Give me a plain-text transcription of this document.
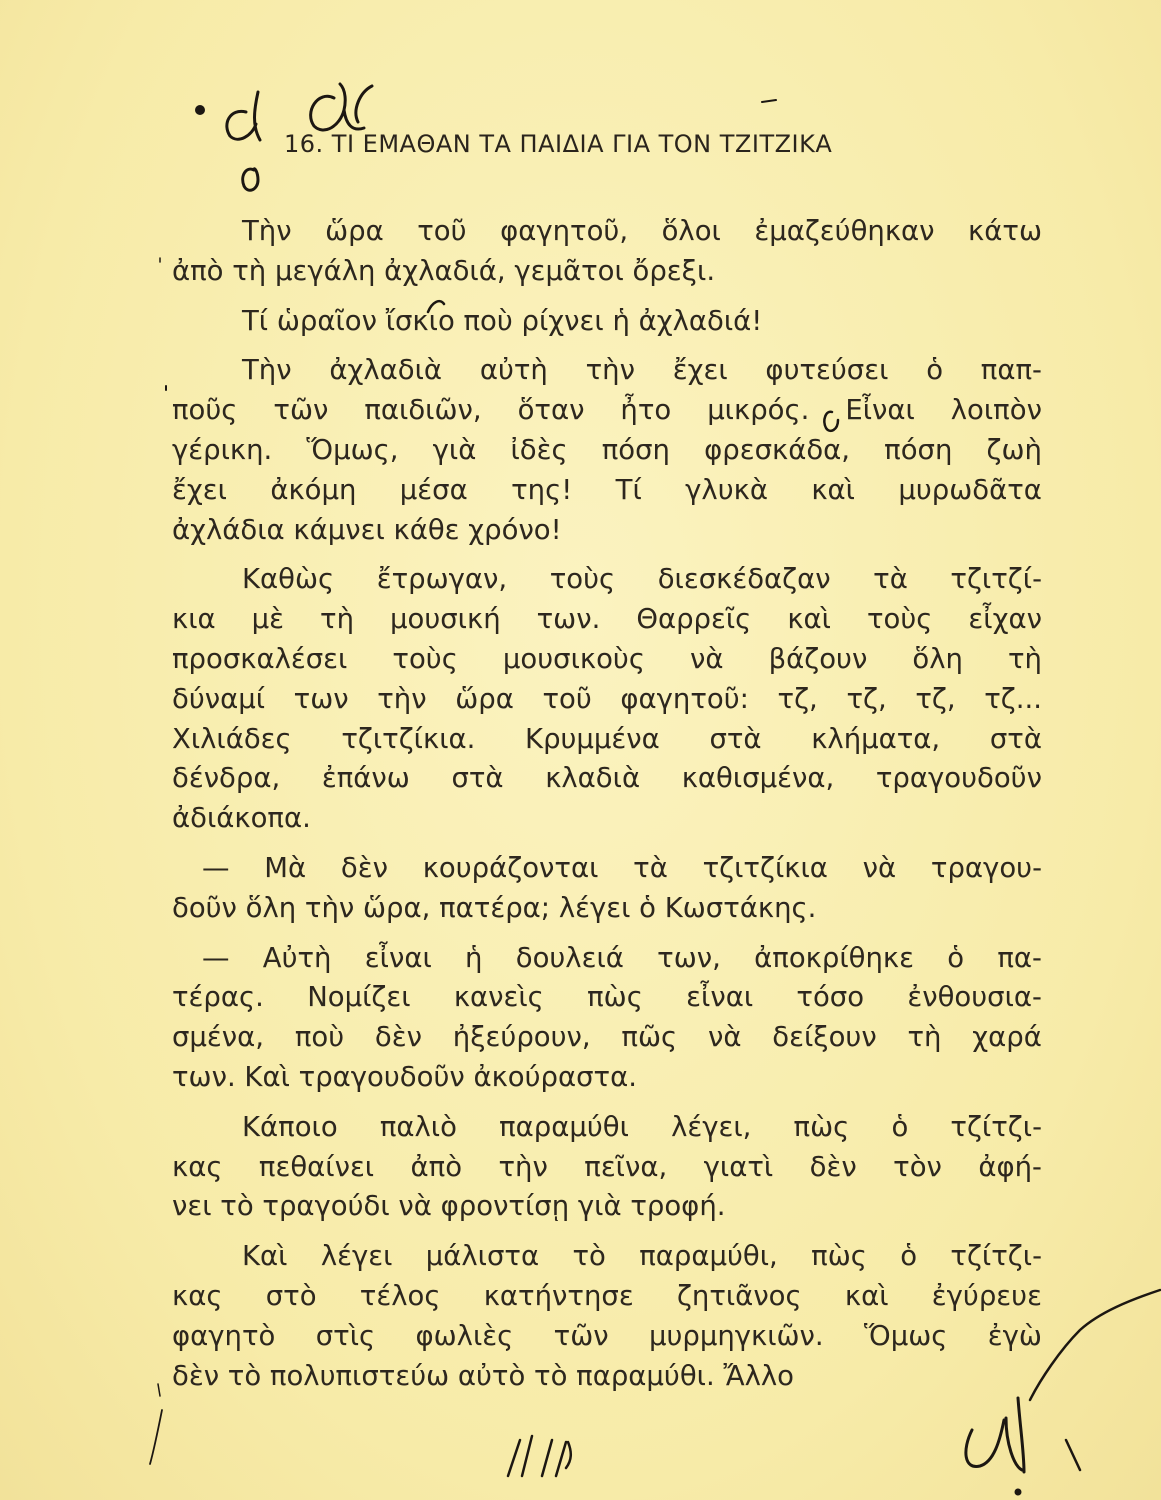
16. ΤΙ ΕΜΑΘΑΝ ΤΑ ΠΑΙΔΙΑ ΓΙΑ ΤΟΝ ΤΖΙΤΖΙΚΑ
Τὴν ὥρα τοῦ φαγητοῦ, ὅλοι ἐμαζεύθηκαν κάτω
ἀπὸ τὴ μεγάλη ἀχλαδιά, γεμᾶτοι ὄρεξι.
Τί ὡραῖον ἴσκιο ποὺ ρίχνει ἡ ἀχλαδιά!
Τὴν ἀχλαδιὰ αὐτὴ τὴν ἔχει φυτεύσει ὁ παπ-
ποῦς τῶν παιδιῶν, ὅταν ἦτο μικρός. Εἶναι λοιπὸν
γέρικη. Ὅμως, γιὰ ἰδὲς πόση φρεσκάδα, πόση ζωὴ
ἔχει ἀκόμη μέσα της! Τί γλυκὰ καὶ μυρωδᾶτα
ἀχλάδια κάμνει κάθε χρόνο!
Καθὼς ἔτρωγαν, τοὺς διεσκέδαζαν τὰ τζιτζί-
κια μὲ τὴ μουσική των. Θαρρεῖς καὶ τοὺς εἶχαν
προσκαλέσει τοὺς μουσικοὺς νὰ βάζουν ὅλη τὴ
δύναμί των τὴν ὥρα τοῦ φαγητοῦ: τζ, τζ, τζ, τζ...
Χιλιάδες τζιτζίκια. Κρυμμένα στὰ κλήματα, στὰ
δένδρα, ἐπάνω στὰ κλαδιὰ καθισμένα, τραγουδοῦν
ἀδιάκοπα.
— Μὰ δὲν κουράζονται τὰ τζιτζίκια νὰ τραγου-
δοῦν ὅλη τὴν ὥρα, πατέρα; λέγει ὁ Κωστάκης.
— Αὐτὴ εἶναι ἡ δουλειά των, ἀποκρίθηκε ὁ πα-
τέρας. Νομίζει κανεὶς πὼς εἶναι τόσο ἐνθουσια-
σμένα, ποὺ δὲν ἠξεύρουν, πῶς νὰ δείξουν τὴ χαρά
των. Καὶ τραγουδοῦν ἀκούραστα.
Κάποιο παλιὸ παραμύθι λέγει, πὼς ὁ τζίτζι-
κας πεθαίνει ἀπὸ τὴν πεῖνα, γιατὶ δὲν τὸν ἀφή-
νει τὸ τραγούδι νὰ φροντίσῃ γιὰ τροφή.
Καὶ λέγει μάλιστα τὸ παραμύθι, πὼς ὁ τζίτζι-
κας στὸ τέλος κατήντησε ζητιᾶνος καὶ ἐγύρευε
φαγητὸ στὶς φωλιὲς τῶν μυρμηγκιῶν. Ὅμως ἐγὼ
δὲν τὸ πολυπιστεύω αὐτὸ τὸ παραμύθι. Ἄλλο
